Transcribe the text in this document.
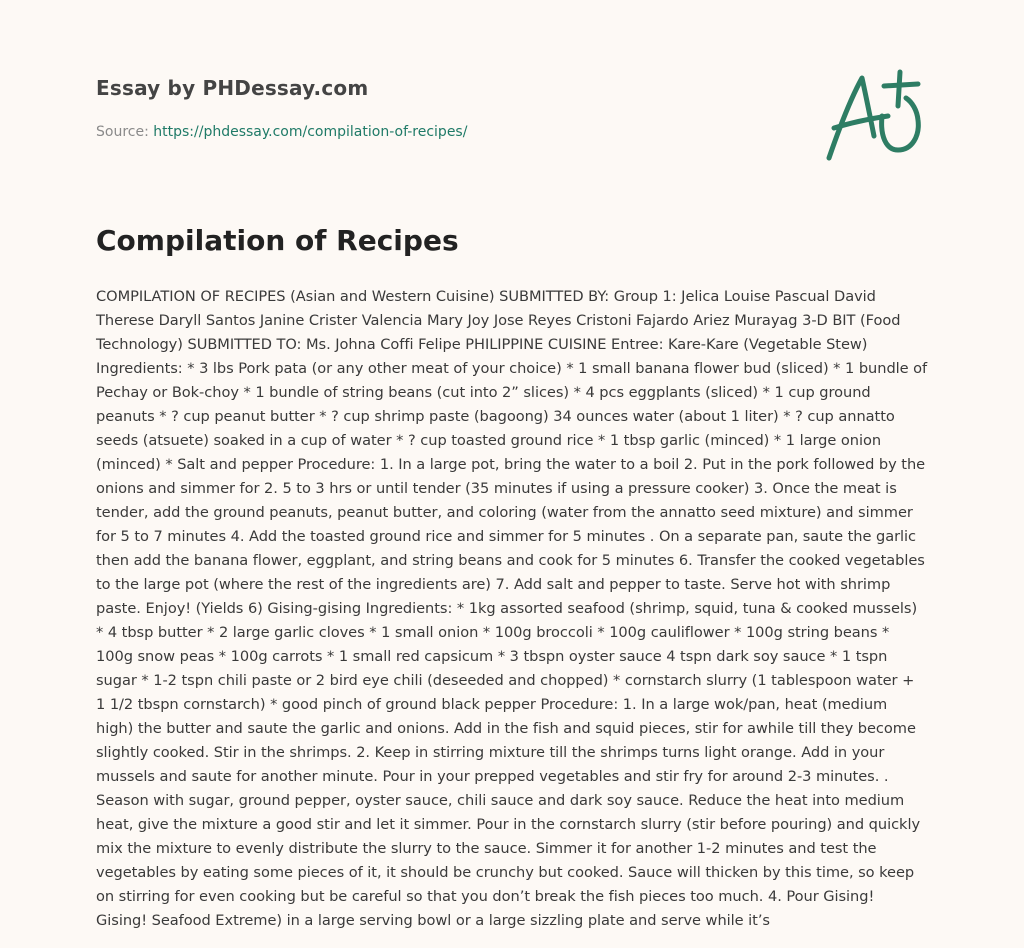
Essay by PHDessay.com
Source: https://phdessay.com/compilation-of-recipes/
Compilation of Recipes

COMPILATION OF RECIPES (Asian and Western Cuisine) SUBMITTED BY: Group 1: Jelica Louise Pascual David Therese Daryll Santos Janine Crister Valencia Mary Joy Jose Reyes Cristoni Fajardo Ariez Murayag 3-D BIT (Food Technology) SUBMITTED TO: Ms. Johna Coffi Felipe PHILIPPINE CUISINE Entree: Kare-Kare (Vegetable Stew) Ingredients: * 3 lbs Pork pata (or any other meat of your choice) * 1 small banana flower bud (sliced) * 1 bundle of Pechay or Bok-choy * 1 bundle of string beans (cut into 2” slices) * 4 pcs eggplants (sliced) * 1 cup ground peanuts * ? cup peanut butter * ? cup shrimp paste (bagoong) 34 ounces water (about 1 liter) * ? cup annatto seeds (atsuete) soaked in a cup of water * ? cup toasted ground rice * 1 tbsp garlic (minced) * 1 large onion (minced) * Salt and pepper Procedure: 1. In a large pot, bring the water to a boil 2. Put in the pork followed by the onions and simmer for 2. 5 to 3 hrs or until tender (35 minutes if using a pressure cooker) 3. Once the meat is tender, add the ground peanuts, peanut butter, and coloring (water from the annatto seed mixture) and simmer for 5 to 7 minutes 4. Add the toasted ground rice and simmer for 5 minutes . On a separate pan, saute the garlic then add the banana flower, eggplant, and string beans and cook for 5 minutes 6. Transfer the cooked vegetables to the large pot (where the rest of the ingredients are) 7. Add salt and pepper to taste. Serve hot with shrimp paste. Enjoy! (Yields 6) Gising-gising Ingredients: * 1kg assorted seafood (shrimp, squid, tuna & cooked mussels) * 4 tbsp butter * 2 large garlic cloves * 1 small onion * 100g broccoli * 100g cauliflower * 100g string beans * 100g snow peas * 100g carrots * 1 small red capsicum * 3 tbspn oyster sauce 4 tspn dark soy sauce * 1 tspn sugar * 1-2 tspn chili paste or 2 bird eye chili (deseeded and chopped) * cornstarch slurry (1 tablespoon water + 1 1/2 tbspn cornstarch) * good pinch of ground black pepper Procedure: 1. In a large wok/pan, heat (medium high) the butter and saute the garlic and onions. Add in the fish and squid pieces, stir for awhile till they become slightly cooked. Stir in the shrimps. 2. Keep in stirring mixture till the shrimps turns light orange. Add in your mussels and saute for another minute. Pour in your prepped vegetables and stir fry for around 2-3 minutes. . Season with sugar, ground pepper, oyster sauce, chili sauce and dark soy sauce. Reduce the heat into medium heat, give the mixture a good stir and let it simmer. Pour in the cornstarch slurry (stir before pouring) and quickly mix the mixture to evenly distribute the slurry to the sauce. Simmer it for another 1-2 minutes and test the vegetables by eating some pieces of it, it should be crunchy but cooked. Sauce will thicken by this time, so keep on stirring for even cooking but be careful so that you don’t break the fish pieces too much. 4. Pour Gising! Gising! Seafood Extreme) in a large serving bowl or a large sizzling plate and serve while it’s
